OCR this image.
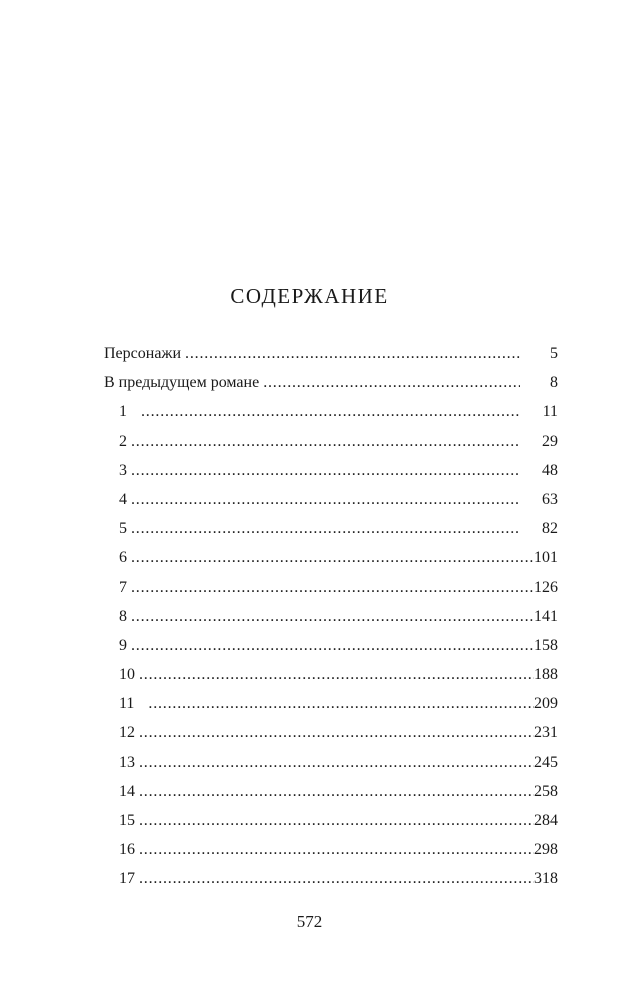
СОДЕРЖАНИЕ
Персонажи . . .	5
В предыдущем романе . . .	8
1 . . .	11
2 . . .	29
3 . . .	48
4 . . .	63
5 . . .	82
6 . . .	101
7 . . .	126
8 . . .	141
9 . . .	158
10 . . .	188
11 . . .	209
12 . . .	231
13 . . .	245
14 . . .	258
15 . . .	284
16 . . .	298
17 . . .	318

572
